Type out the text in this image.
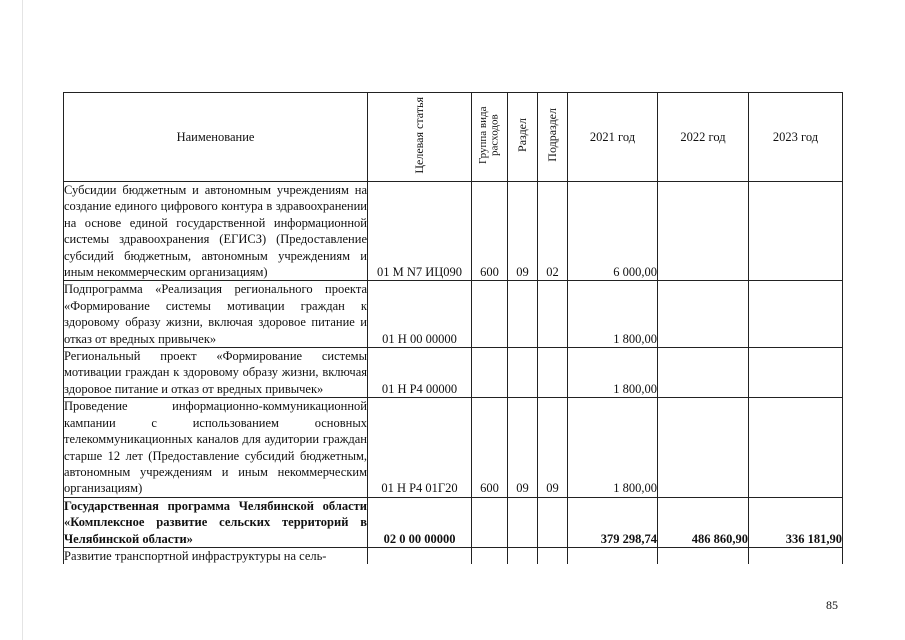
Наименование	Целевая статья	Группа вида расходов	Раздел	Подраздел	2021 год	2022 год	2023 год
Субсидии бюджетным и автономным учреждениям на создание единого цифрового контура в здравоохранении на основе единой государственной информационной системы здравоохранения (ЕГИСЗ) (Предоставление субсидий бюджетным, автономным учреждениям и иным некоммерческим организациям)	01 М N7 ИЦ090	600	09	02	6 000,00		
Подпрограмма «Реализация регионального проекта «Формирование системы мотивации граждан к здоровому образу жизни, включая здоровое питание и отказ от вредных привычек»	01 Н 00 00000				1 800,00		
Региональный проект «Формирование системы мотивации граждан к здоровому образу жизни, включая здоровое питание и отказ от вредных привычек»	01 Н Р4 00000				1 800,00		
Проведение информационно-коммуникационной кампании с использованием основных телекоммуникационных каналов для аудитории граждан старше 12 лет (Предоставление субсидий бюджетным, автономным учреждениям и иным некоммерческим организациям)	01 Н Р4 01Г20	600	09	09	1 800,00		
Государственная программа Челябинской области «Комплексное развитие сельских территорий в Челябинской области»	02 0 00 00000				379 298,74	486 860,90	336 181,90
Развитие транспортной инфраструктуры на сель-							
85
